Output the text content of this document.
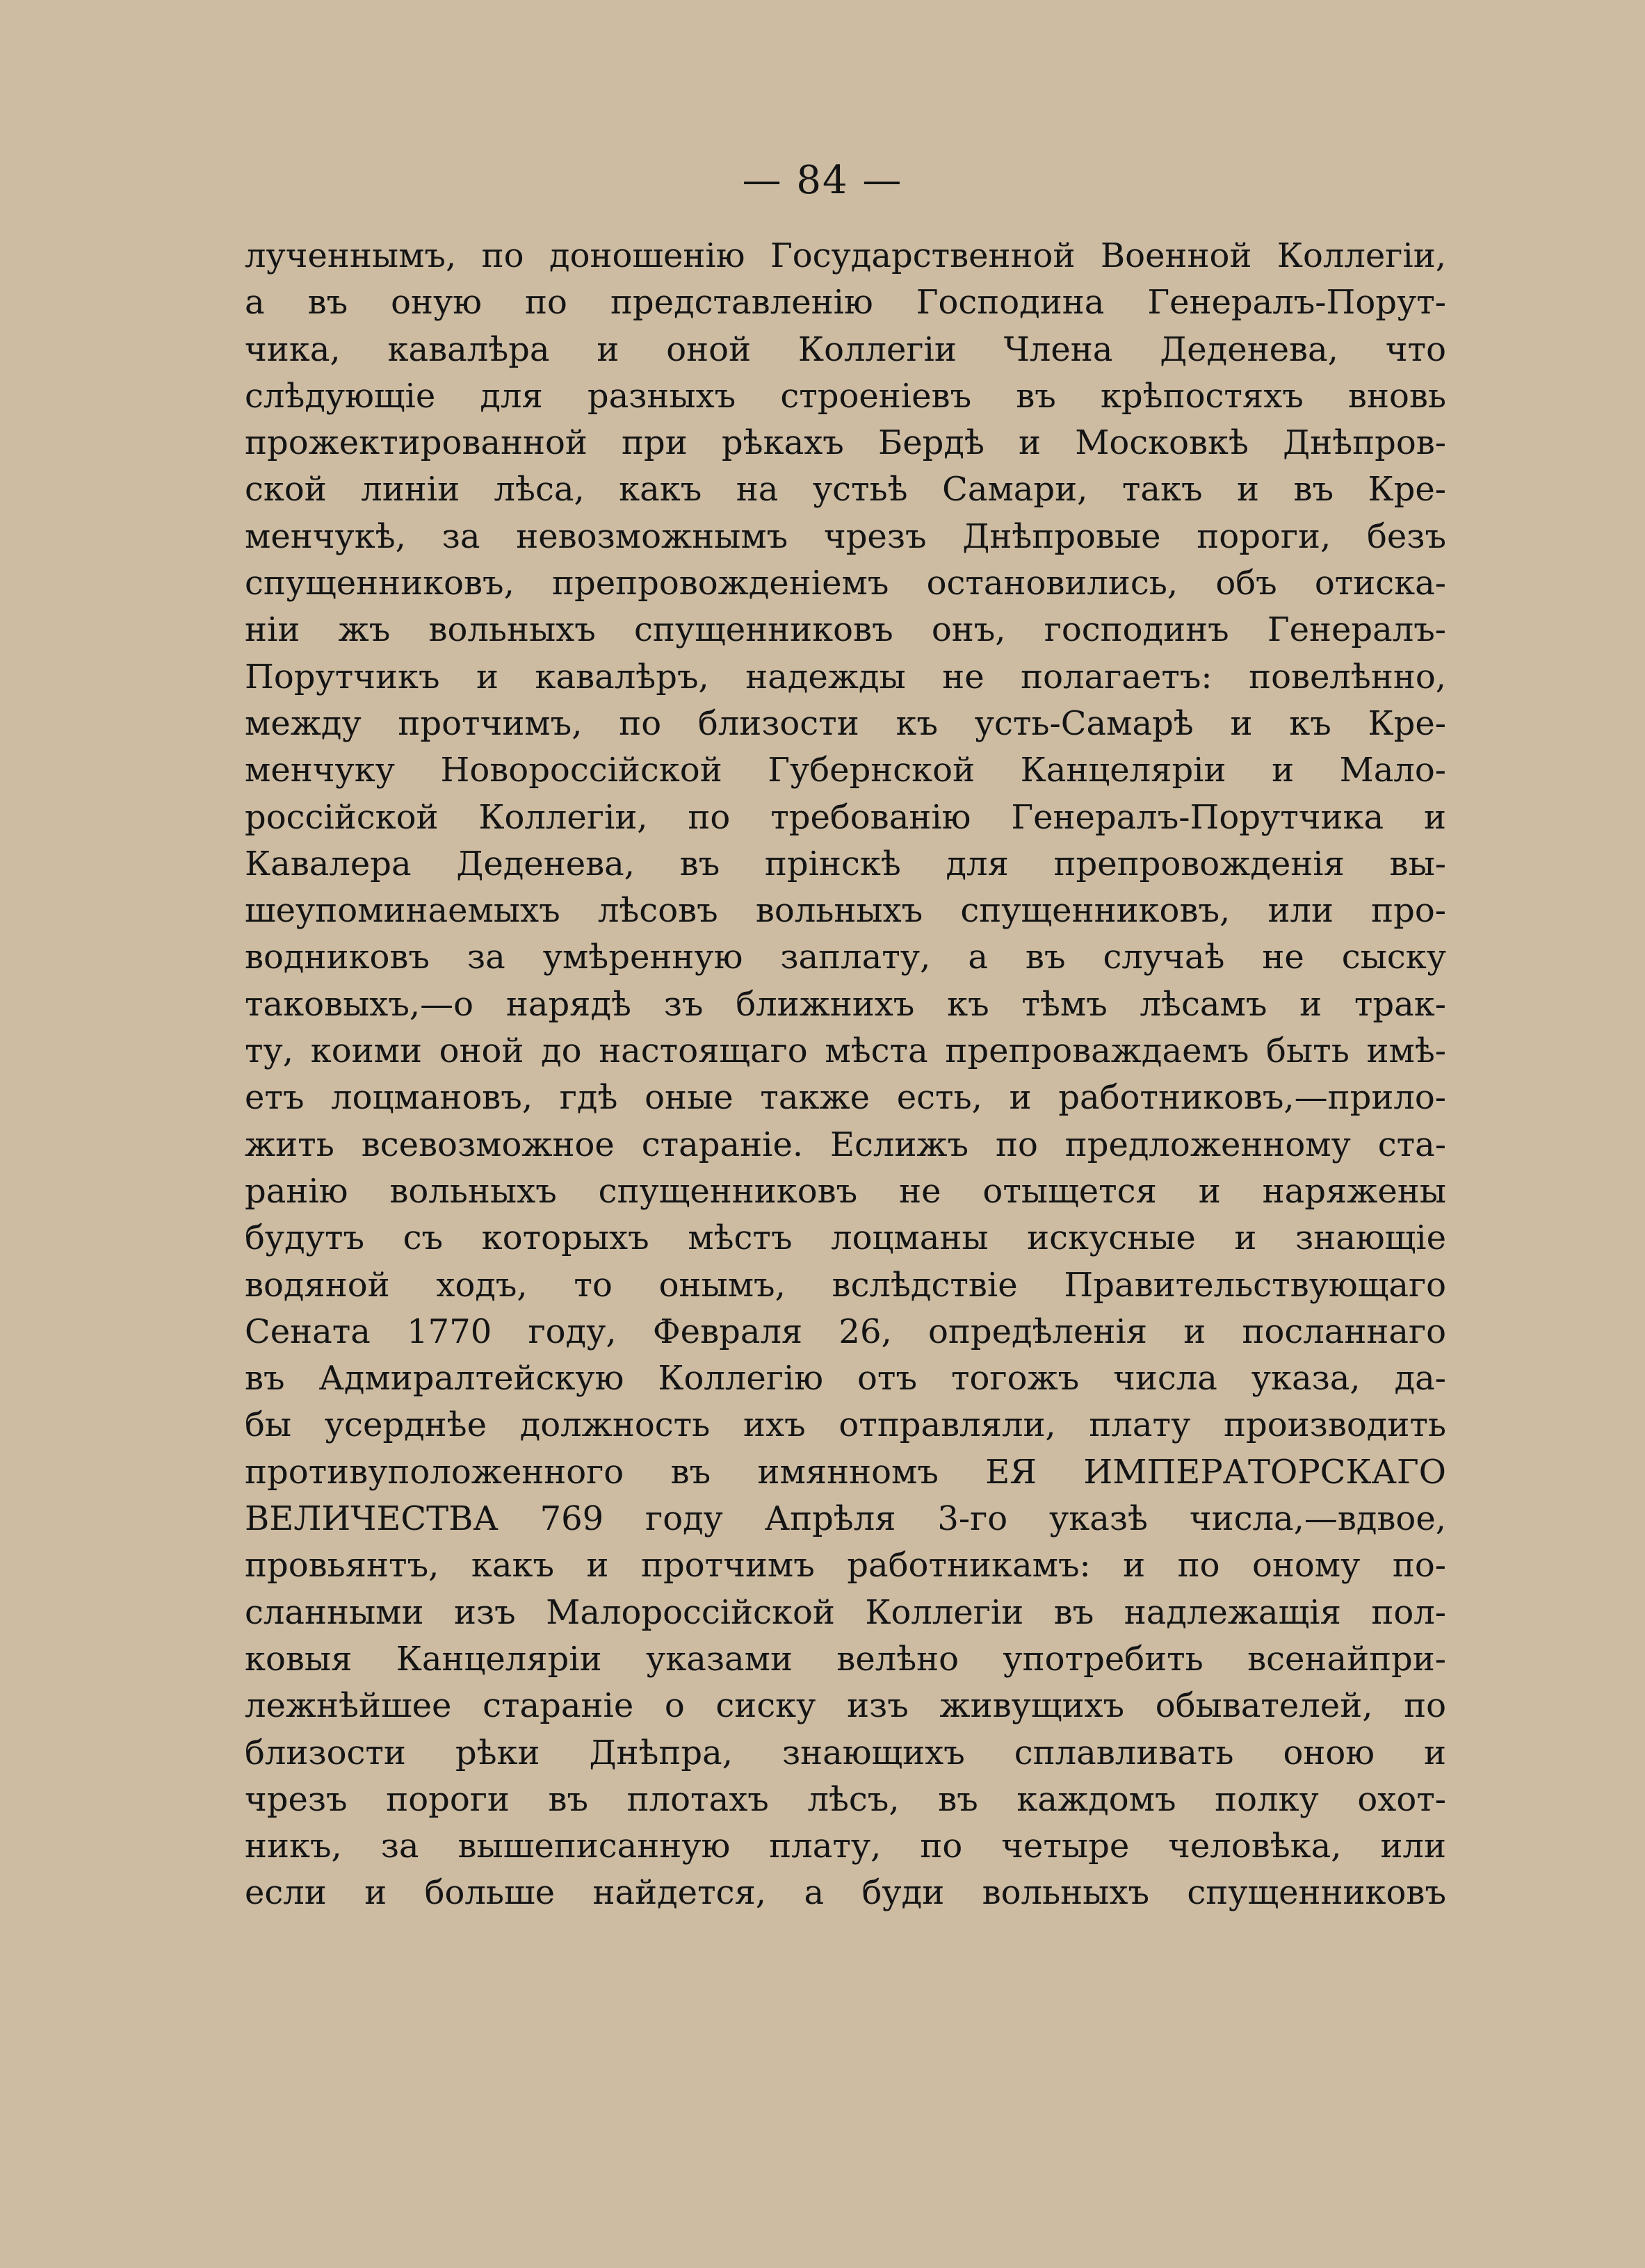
— 84 —
лученнымъ, по доношенію Государственной Военной Коллегіи,
а въ оную по представленію Господина Генералъ-Порут-
чика, кавалѣра и оной Коллегіи Члена Деденева, что
слѣдующіе для разныхъ строеніевъ въ крѣпостяхъ вновь
прожектированной при рѣкахъ Бердѣ и Московкѣ Днѣпров-
ской линіи лѣса, какъ на устьѣ Самари, такъ и въ Кре-
менчукѣ, за невозможнымъ чрезъ Днѣпровые пороги, безъ
спущенниковъ, препровожденіемъ остановились, объ отиска-
ніи жъ вольныхъ спущенниковъ онъ, господинъ Генералъ-
Порутчикъ и кавалѣръ, надежды не полагаетъ: повелѣнно,
между протчимъ, по близости къ усть-Самарѣ и къ Кре-
менчуку Новороссійской Губернской Канцеляріи и Мало-
россійской Коллегіи, по требованію Генералъ-Порутчика и
Кавалера Деденева, въ прінскѣ для препровожденія вы-
шеупоминаемыхъ лѣсовъ вольныхъ спущенниковъ, или про-
водниковъ за умѣренную заплату, а въ случаѣ не сыску
таковыхъ,—о нарядѣ зъ ближнихъ къ тѣмъ лѣсамъ и трак-
ту, коими оной до настоящаго мѣста препроваждаемъ быть имѣ-
етъ лоцмановъ, гдѣ оные также есть, и работниковъ,—прило-
жить всевозможное стараніе. Еслижъ по предложенному ста-
ранію вольныхъ спущенниковъ не отыщется и наряжены
будутъ съ которыхъ мѣстъ лоцманы искусные и знающіе
водяной ходъ, то онымъ, вслѣдствіе Правительствующаго
Сената 1770 году, Февраля 26, опредѣленія и посланнаго
въ Адмиралтейскую Коллегію отъ тогожъ числа указа, да-
бы усерднѣе должность ихъ отправляли, плату производить
противуположенного въ имянномъ ЕЯ ИМПЕРАТОРСКАГО
ВЕЛИЧЕСТВА 769 году Апрѣля 3-го указѣ числа,—вдвое,
провьянтъ, какъ и протчимъ работникамъ: и по оному по-
сланными изъ Малороссійской Коллегіи въ надлежащія пол-
ковыя Канцеляріи указами велѣно употребить всенайпри-
лежнѣйшее стараніе о сиску изъ живущихъ обывателей, по
близости рѣки Днѣпра, знающихъ сплавливать оною и
чрезъ пороги въ плотахъ лѣсъ, въ каждомъ полку охот-
никъ, за вышеписанную плату, по четыре человѣка, или
если и больше найдется, а буди вольныхъ спущенниковъ
